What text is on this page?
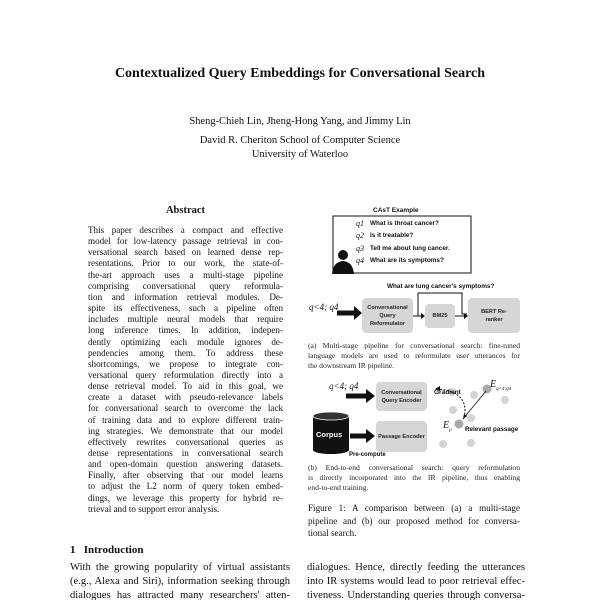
Contextualized Query Embeddings for Conversational Search
Sheng-Chieh Lin, Jheng-Hong Yang, and Jimmy Lin
David R. Cheriton School of Computer Science
University of Waterloo
Abstract
This paper describes a compact and effective
model for low-latency passage retrieval in con-
versational search based on learned dense rep-
resentations. Prior to our work, the state-of-
the-art approach uses a multi-stage pipeline
comprising conversational query reformula-
tion and information retrieval modules. De-
spite its effectiveness, such a pipeline often
includes multiple neural models that require
long inference times. In addition, indepen-
dently optimizing each module ignores de-
pendencies among them. To address these
shortcomings, we propose to integrate con-
versational query reformulation directly into a
dense retrieval model. To aid in this goal, we
create a dataset with pseudo-relevance labels
for conversational search to overcome the lack
of training data and to explore different train-
ing strategies. We demonstrate that our model
effectively rewrites conversational queries as
dense representations in conversational search
and open-domain question answering datasets.
Finally, after observing that our model learns
to adjust the L2 norm of query token embed-
dings, we leverage this property for hybrid re-
trieval and to support error analysis.
CAsT Example
q1 What is throat cancer?
q2 Is it treatable?
q3 Tell me about lung cancer.
q4 What are its symptoms?
What are lung cancer's symptoms?
q<4; q4	Conversational Query Reformulator
BM25
BERT Re-ranker
(a) Multi-stage pipeline for conversational search: fine-tuned
language models are used to reformulate user utterances for
the downstream IR pipeline.
q<4; q4
Conversational Query Encoder
Gradient
$E_{q<4;q4}$
Passage Encoder
Corpus
$E_p$ Relevant passage
Pre-compute
(b) End-to-end conversational search: query reformulation
is directly incorporated into the IR pipeline, thus enabling
end-to-end training.
Figure 1: A comparison between (a) a multi-stage
pipeline and (b) our proposed method for conversa-
tional search.
1   Introduction
With the growing popularity of virtual assistants
(e.g., Alexa and Siri), information seeking through
dialogues has attracted many researchers' atten-
dialogues. Hence, directly feeding the utterances
into IR systems would lead to poor retrieval effec-
tiveness. Understanding queries through conversa-
